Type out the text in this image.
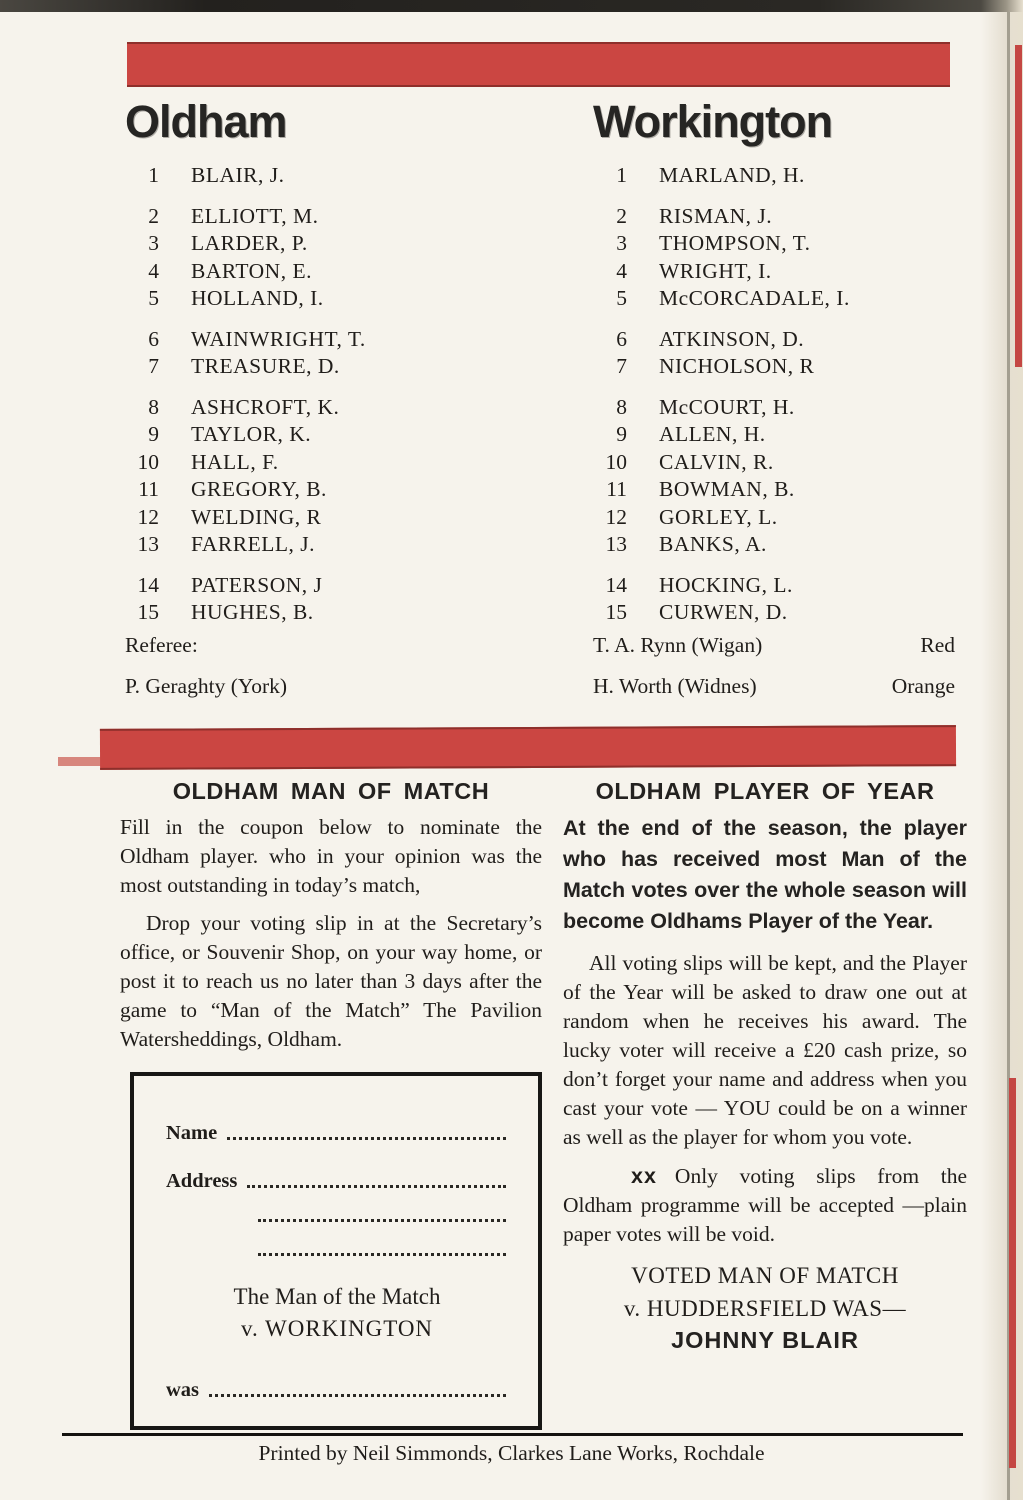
Oldham
1 BLAIR, J.
2 ELLIOTT, M.
3 LARDER, P.
4 BARTON, E.
5 HOLLAND, I.
6 WAINWRIGHT, T.
7 TREASURE, D.
8 ASHCROFT, K.
9 TAYLOR, K.
10 HALL, F.
11 GREGORY, B.
12 WELDING, R
13 FARRELL, J.
14 PATERSON, J
15 HUGHES, B.
Workington
1 MARLAND, H.
2 RISMAN, J.
3 THOMPSON, T.
4 WRIGHT, I.
5 McCORCADALE, I.
6 ATKINSON, D.
7 NICHOLSON, R
8 McCOURT, H.
9 ALLEN, H.
10 CALVIN, R.
11 BOWMAN, B.
12 GORLEY, L.
13 BANKS, A.
14 HOCKING, L.
15 CURWEN, D.
Referee:	T. A. Rynn (Wigan)	Red
P. Geraghty (York)	H. Worth (Widnes)	Orange
OLDHAM MAN OF MATCH
Fill in the coupon below to nominate the Oldham player. who in your opinion was the most outstanding in today’s match,
Drop your voting slip in at the Secretary’s office, or Souvenir Shop, on your way home, or post it to reach us no later than 3 days after the game to “Man of the Match” The Pavilion Watersheddings, Oldham.
Name
Address
The Man of the Match
v. WORKINGTON
was
OLDHAM PLAYER OF YEAR
At the end of the season, the player who has received most Man of the Match votes over the whole season will become Oldhams Player of the Year.
All voting slips will be kept, and the Player of the Year will be asked to draw one out at random when he receives his award. The lucky voter will receive a £20 cash prize, so don’t forget your name and address when you cast your vote — YOU could be on a winner as well as the player for whom you vote.
xx Only voting slips from the Oldham programme will be accepted —plain paper votes will be void.
VOTED MAN OF MATCH
v. HUDDERSFIELD WAS—
JOHNNY BLAIR
Printed by Neil Simmonds, Clarkes Lane Works, Rochdale
